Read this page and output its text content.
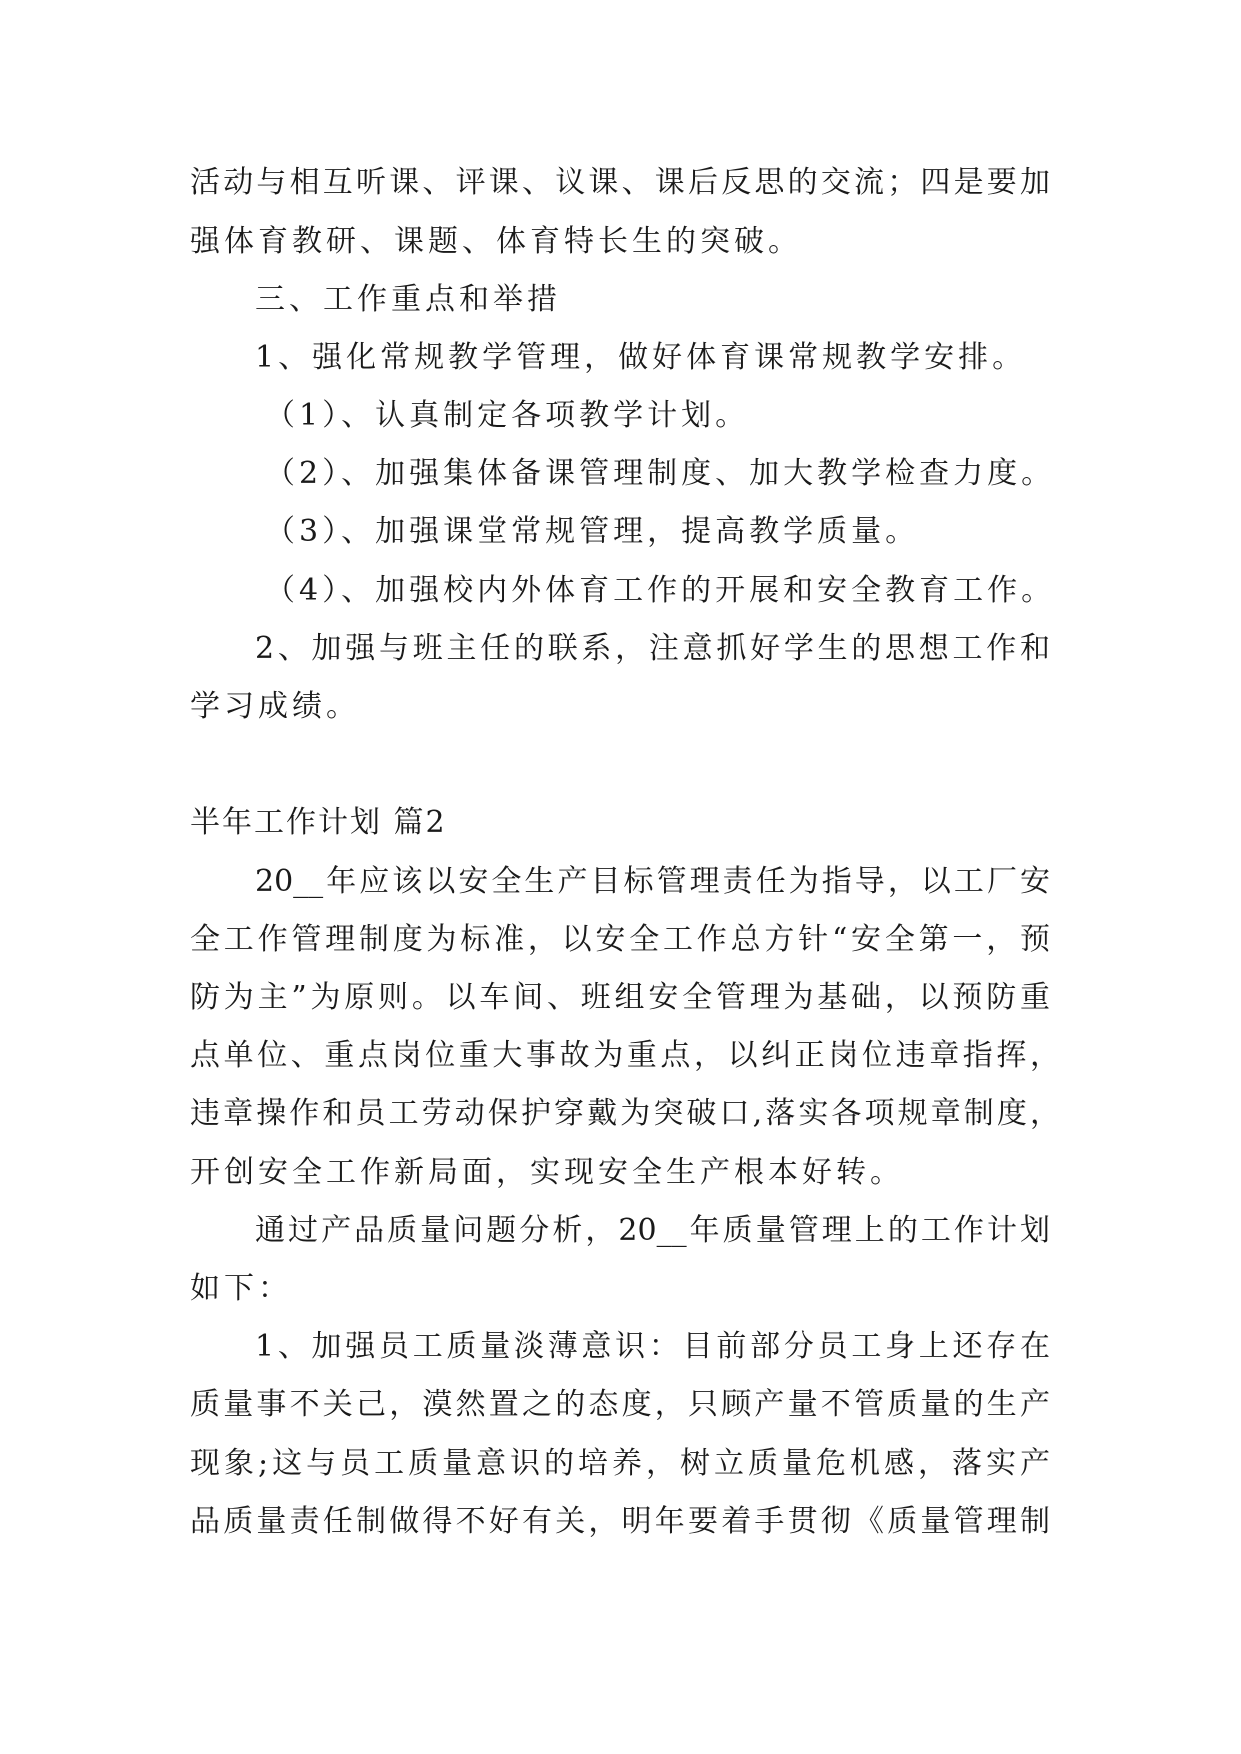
活动与相互听课、评课、议课、课后反思的交流；四是要加
强体育教研、课题、体育特长生的突破。
三、工作重点和举措
1、强化常规教学管理，做好体育课常规教学安排。
（1）、认真制定各项教学计划。
（2）、加强集体备课管理制度、加大教学检查力度。
（3）、加强课堂常规管理，提高教学质量。
（4）、加强校内外体育工作的开展和安全教育工作。
2、加强与班主任的联系，注意抓好学生的思想工作和
学习成绩。
半年工作计划 篇2
20__年应该以安全生产目标管理责任为指导，以工厂安
全工作管理制度为标准，以安全工作总方针“安全第一，预
防为主”为原则。以车间、班组安全管理为基础，以预防重
点单位、重点岗位重大事故为重点，以纠正岗位违章指挥，
违章操作和员工劳动保护穿戴为突破口,落实各项规章制度，
开创安全工作新局面，实现安全生产根本好转。
通过产品质量问题分析，20__年质量管理上的工作计划
如下：
1、加强员工质量淡薄意识：目前部分员工身上还存在
质量事不关己，漠然置之的态度，只顾产量不管质量的生产
现象;这与员工质量意识的培养，树立质量危机感，落实产
品质量责任制做得不好有关，明年要着手贯彻《质量管理制
